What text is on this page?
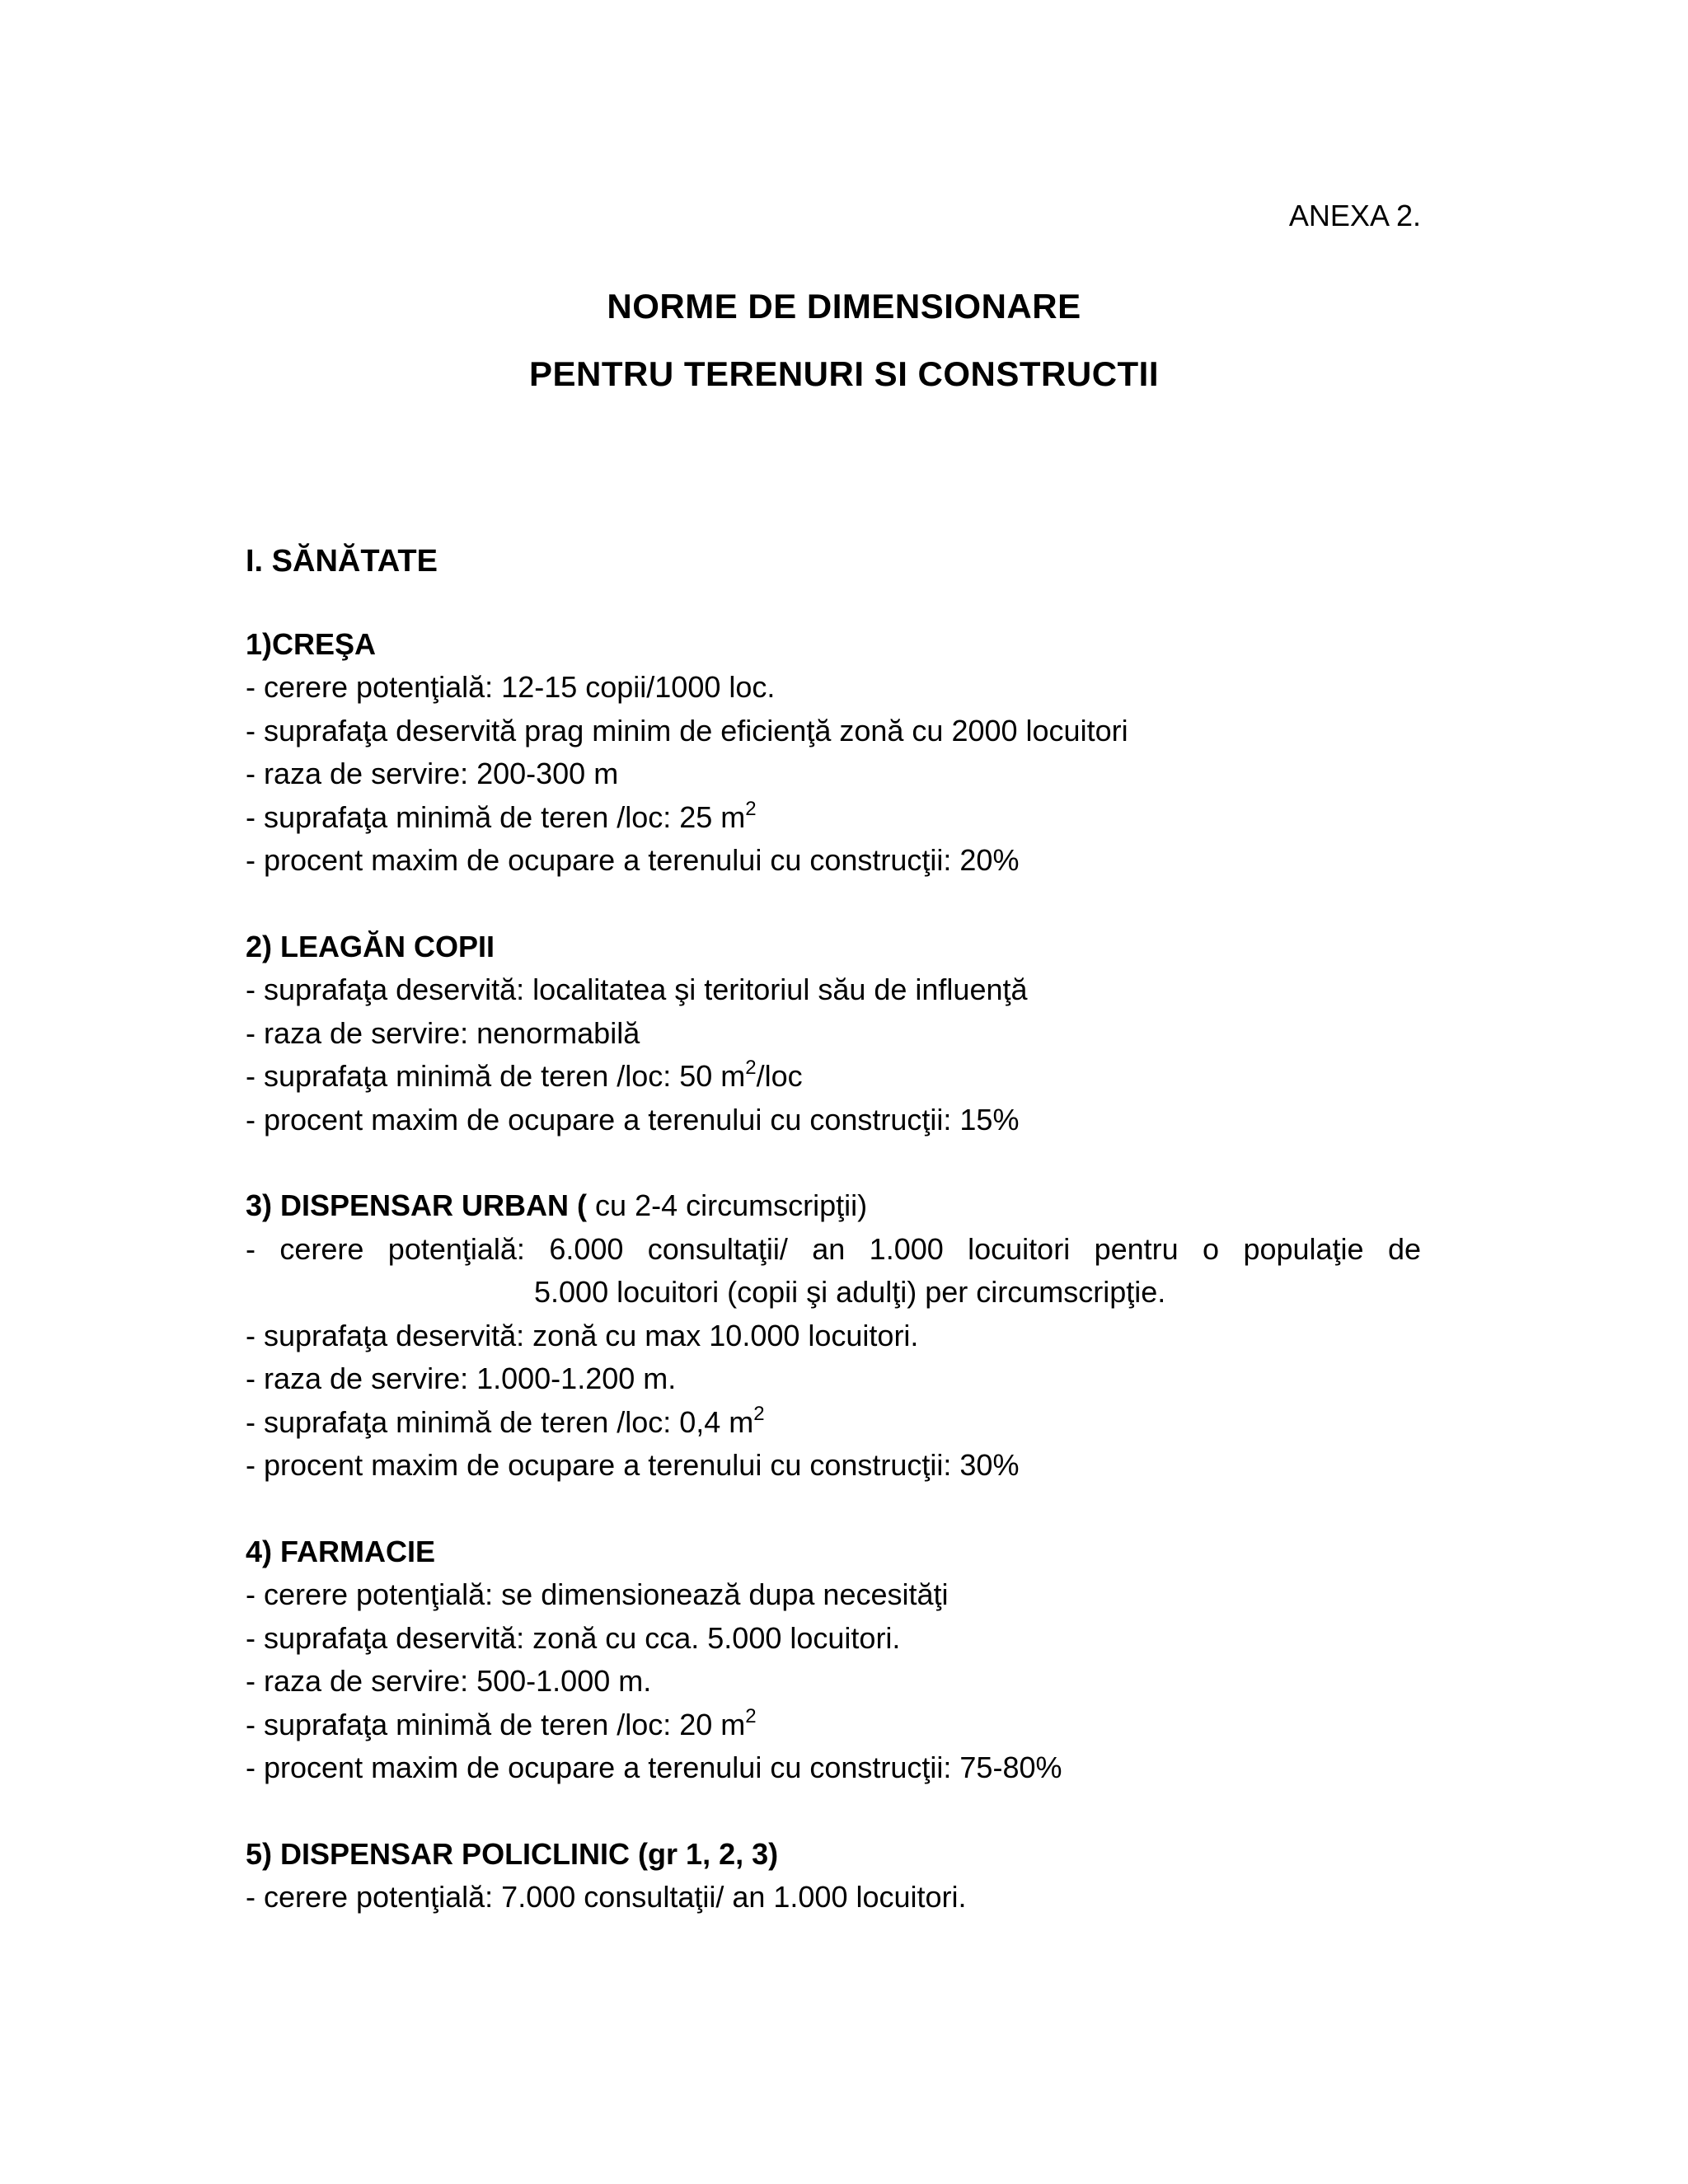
ANEXA 2.
NORME DE DIMENSIONARE
PENTRU TERENURI SI CONSTRUCTII
I. SĂNĂTATE
1)CREŞA
- cerere potenţială: 12-15 copii/1000 loc.
- suprafaţa deservită prag minim de eficienţă zonă cu 2000 locuitori
- raza de servire: 200-300 m
- suprafaţa minimă de teren /loc: 25 $m^2$
- procent maxim de ocupare a terenului cu construcţii: 20%
2) LEAGĂN COPII
- suprafaţa deservită: localitatea şi teritoriul său de influenţă
- raza de servire: nenormabilă
- suprafaţa minimă de teren /loc: 50 $m^2$/loc
- procent maxim de ocupare a terenului cu construcţii: 15%
3) DISPENSAR URBAN ( cu 2-4 circumscripţii)
- cerere potenţială: 6.000 consultaţii/ an 1.000 locuitori pentru o populaţie de
5.000 locuitori (copii şi adulţi) per circumscripţie.
- suprafaţa deservită: zonă cu max 10.000 locuitori.
- raza de servire: 1.000-1.200 m.
- suprafaţa minimă de teren /loc: 0,4 $m^2$
- procent maxim de ocupare a terenului cu construcţii: 30%
4) FARMACIE
- cerere potenţială: se dimensionează dupa necesităţi
- suprafaţa deservită: zonă cu cca. 5.000 locuitori.
- raza de servire: 500-1.000 m.
- suprafaţa minimă de teren /loc: 20 $m^2$
- procent maxim de ocupare a terenului cu construcţii: 75-80%
5) DISPENSAR POLICLINIC (gr 1, 2, 3)
- cerere potenţială: 7.000 consultaţii/ an 1.000 locuitori.
